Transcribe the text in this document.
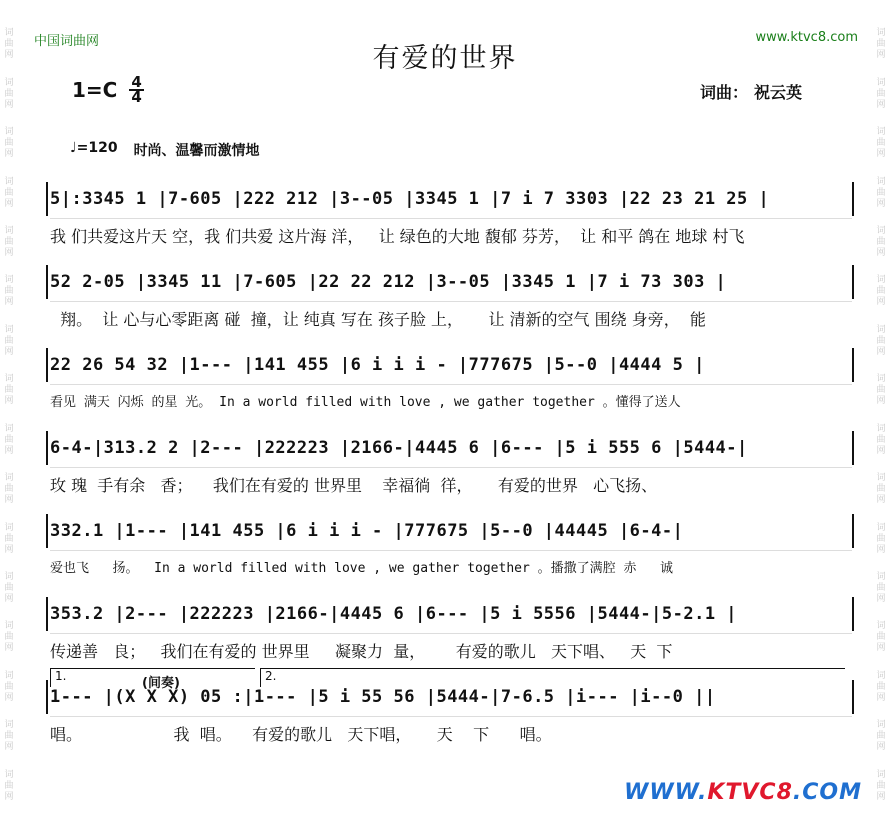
词
曲
网
词
曲
网
词
曲
网
词
曲
网
词
曲
网
词
曲
网
词
曲
网
词
曲
网
词
曲
网
词
曲
网
词
曲
网
词
曲
网
词
曲
网
词
曲
网
词
曲
网
词
曲
网
词
曲
网
词
曲
网
词
曲
网
词
曲
网
词
曲
网
词
曲
网
词
曲
网
词
曲
网
词
曲
网
词
曲
网
词
曲
网
词
曲
网
词
曲
网
词
曲
网
词
曲
网
词
曲
网
中国词曲网	www.ktvc8.com
有爱的世界
1=C 4
4	词曲： 祝云英
♩=120 时尚、温馨而激情地
5|:3345 1 |7-605 |222 212 |3--05 |3345 1 |7 i 7 3303 |22 23 21 25 |
我 们共爱这片天 空，我 们共爱 这片海 洋，   让 绿色的大地 馥郁 芬芳，  让 和平 鸽在 地球 村飞
52 2-05 |3345 11 |7-605 |22 22 212 |3--05 |3345 1 |7 i 73 303 |
翔。  让 心与心零距离 碰  撞，让 纯真 写在 孩子脸 上，     让 清新的空气 围绕 身旁，  能
22 26 54 32 |1--- |141 455 |6 i i i - |777675 |5--0 |4444 5 |
看见 满天 闪烁 的星 光。 In a world filled with love , we gather together 。懂得了送人
6-4-|313.2 2 |2--- |222223 |2166-|4445 6 |6--- |5 i 555 6 |5444-|
玫 瑰  手有余   香；    我们在有爱的 世界里    幸福徜  徉，     有爱的世界   心飞扬、
332.1 |1--- |141 455 |6 i i i - |777675 |5--0 |44445 |6-4-|
爱也飞   扬。  In a world filled with love , we gather together 。播撒了满腔 赤   诚
353.2 |2--- |222223 |2166-|4445 6 |6--- |5 i 5556 |5444-|5-2.1 |
传递善   良；   我们在有爱的 世界里     凝聚力  量，      有爱的歌儿   天下唱、   天  下
1.	(间奏)	2.
1--- |(X X X) 05 :|1--- |5 i 55 56 |5444-|7-6.5 |i--- |i--0 ||
唱。                  我  唱。    有爱的歌儿   天下唱，     天    下      唱。
WWW.KTVC8.COM
